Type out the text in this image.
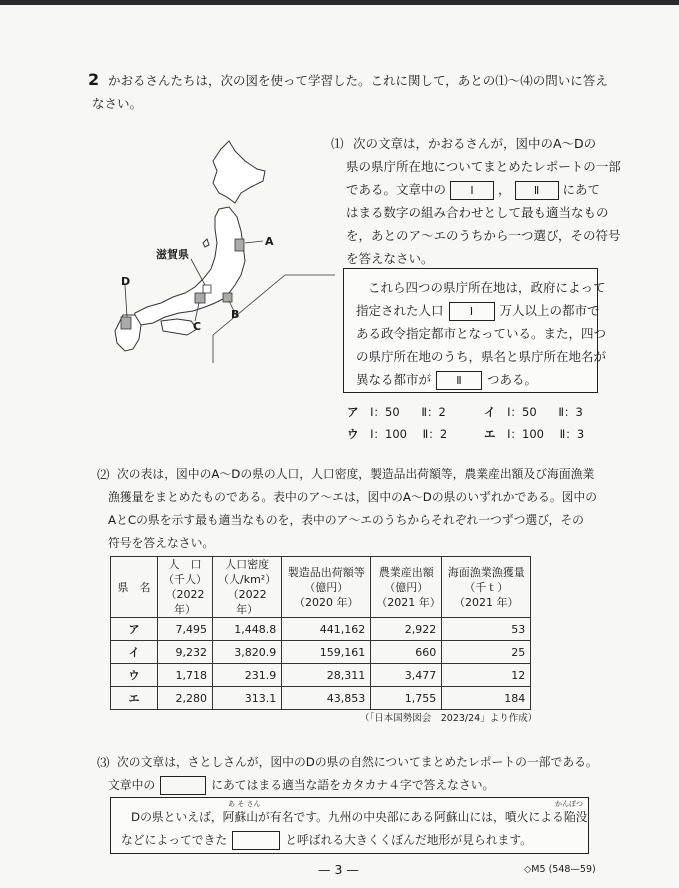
2 かおるさんたちは，次の図を使って学習した。これに関して，あとの⑴～⑷の問いに答え
なさい。
滋賀県
A
B
C
D
⑴ 次の文章は，かおるさんが，図中のA～Dの
県の県庁所在地についてまとめたレポートの一部
である。文章中の Ⅰ ， Ⅱ にあて
はまる数字の組み合わせとして最も適当なもの
を，あとのア～エのうちから一つ選び，その符号
を答えなさい。
これら四つの県庁所在地は，政府によって
指定された人口 Ⅰ 万人以上の都市で
ある政令指定都市となっている。また，四つ
の県庁所在地のうち，県名と県庁所在地名が
異なる都市が Ⅱ つある。
ア Ⅰ：50 Ⅱ：2	イ Ⅰ：50 Ⅱ：3
ウ Ⅰ：100 Ⅱ：2	エ Ⅰ：100 Ⅱ：3
⑵ 次の表は，図中のA～Dの県の人口，人口密度，製造品出荷額等，農業産出額及び海面漁業
漁獲量をまとめたものである。表中のア～エは，図中のA～Dの県のいずれかである。図中の
AとCの県を示す最も適当なものを，表中のア～エのうちからそれぞれ一つずつ選び，その
符号を答えなさい。
県　名	人　口
（千人）
（2022 年）	人口密度
（人/km²）
（2022 年）	製造品出荷額等
（億円）
（2020 年）	農業産出額
（億円）
（2021 年）	海面漁業漁獲量
（千ｔ）
（2021 年）
ア	7,495	1,448.8	441,162	2,922	53
イ	9,232	3,820.9	159,161	660	25
ウ	1,718	231.9	28,311	3,477	12
エ	2,280	313.1	43,853	1,755	184
（「日本国勢図会　2023/24」より作成）
⑶ 次の文章は，さとしさんが，図中のDの県の自然についてまとめたレポートの一部である。
文章中の	にあてはまる適当な語をカタカナ４字で答えなさい。
あ そ さん	かんぼつ
Dの県といえば，阿蘇山が有名です。九州の中央部にある阿蘇山には，噴火による陥没
などによってできた	と呼ばれる大きくくぼんだ地形が見られます。
— 3 —	◇M5 (548—59)
